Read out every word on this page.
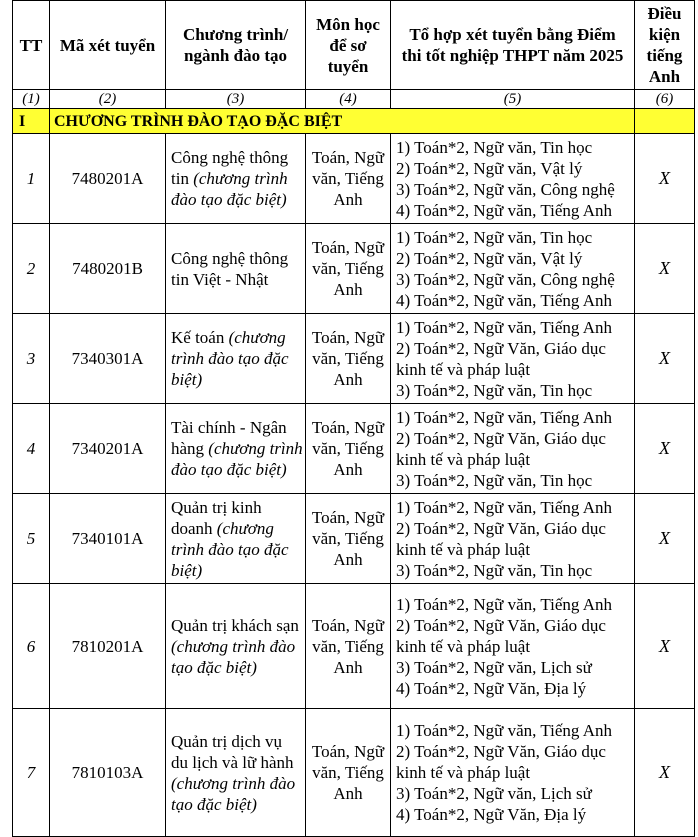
TT	Mã xét tuyển	Chương trình/ ngành đào tạo	Môn học để sơ tuyển	Tổ hợp xét tuyển bằng Điểm thi tốt nghiệp THPT năm 2025	Điều kiện tiếng Anh
(1)	(2)	(3)	(4)	(5)	(6)
I	CHƯƠNG TRÌNH ĐÀO TẠO ĐẶC BIỆT				
1	7480201A	Công nghệ thông tin (chương trình đào tạo đặc biệt)	Toán, Ngữ văn, Tiếng Anh	1) Toán*2, Ngữ văn, Tin học
2) Toán*2, Ngữ văn, Vật lý
3) Toán*2, Ngữ văn, Công nghệ
4) Toán*2, Ngữ văn, Tiếng Anh	X
2	7480201B	Công nghệ thông tin Việt - Nhật	Toán, Ngữ văn, Tiếng Anh	1) Toán*2, Ngữ văn, Tin học
2) Toán*2, Ngữ văn, Vật lý
3) Toán*2, Ngữ văn, Công nghệ
4) Toán*2, Ngữ văn, Tiếng Anh	X
3	7340301A	Kế toán (chương trình đào tạo đặc biệt)	Toán, Ngữ văn, Tiếng Anh	1) Toán*2, Ngữ văn, Tiếng Anh
2) Toán*2, Ngữ Văn, Giáo dục
kinh tế và pháp luật
3) Toán*2, Ngữ văn, Tin học	X
4	7340201A	Tài chính - Ngân hàng (chương trình đào tạo đặc biệt)	Toán, Ngữ văn, Tiếng Anh	1) Toán*2, Ngữ văn, Tiếng Anh
2) Toán*2, Ngữ Văn, Giáo dục
kinh tế và pháp luật
3) Toán*2, Ngữ văn, Tin học	X
5	7340101A	Quản trị kinh doanh (chương trình đào tạo đặc biệt)	Toán, Ngữ văn, Tiếng Anh	1) Toán*2, Ngữ văn, Tiếng Anh
2) Toán*2, Ngữ Văn, Giáo dục
kinh tế và pháp luật
3) Toán*2, Ngữ văn, Tin học	X
6	7810201A	Quản trị khách sạn (chương trình đào tạo đặc biệt)	Toán, Ngữ văn, Tiếng Anh	1) Toán*2, Ngữ văn, Tiếng Anh
2) Toán*2, Ngữ Văn, Giáo dục
kinh tế và pháp luật
3) Toán*2, Ngữ văn, Lịch sử
4) Toán*2, Ngữ Văn, Địa lý	X
7	7810103A	Quản trị dịch vụ du lịch và lữ hành (chương trình đào tạo đặc biệt)	Toán, Ngữ văn, Tiếng Anh	1) Toán*2, Ngữ văn, Tiếng Anh
2) Toán*2, Ngữ Văn, Giáo dục
kinh tế và pháp luật
3) Toán*2, Ngữ văn, Lịch sử
4) Toán*2, Ngữ Văn, Địa lý	X
